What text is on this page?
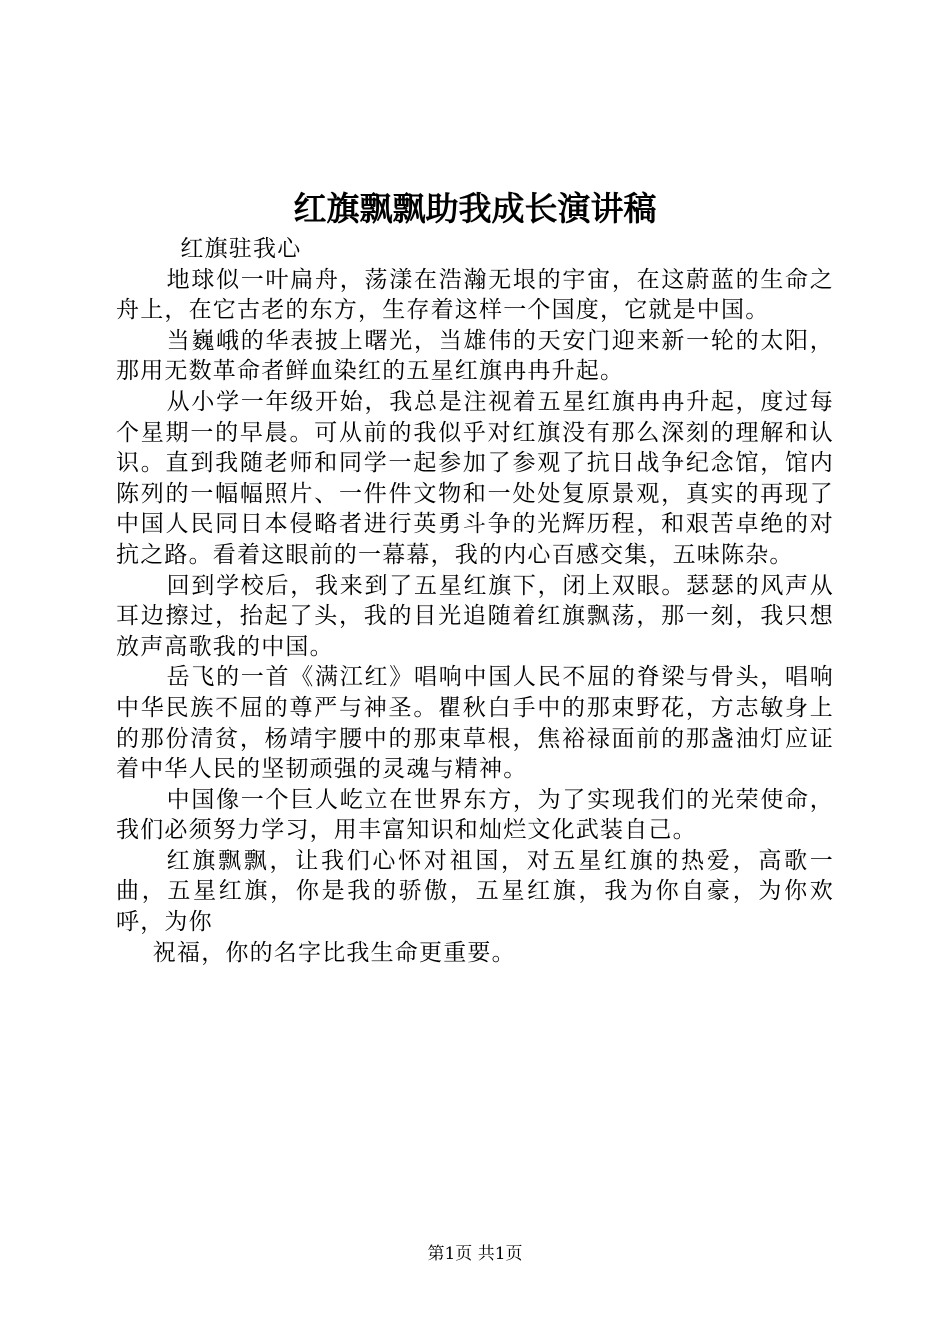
红旗飘飘助我成长演讲稿

红旗驻我心

地球似一叶扁舟，荡漾在浩瀚无垠的宇宙，在这蔚蓝的生命之舟上，在它古老的东方，生存着这样一个国度，它就是中国。

当巍峨的华表披上曙光，当雄伟的天安门迎来新一轮的太阳，那用无数革命者鲜血染红的五星红旗冉冉升起。

从小学一年级开始，我总是注视着五星红旗冉冉升起，度过每个星期一的早晨。可从前的我似乎对红旗没有那么深刻的理解和认识。直到我随老师和同学一起参加了参观了抗日战争纪念馆，馆内陈列的一幅幅照片、一件件文物和一处处复原景观，真实的再现了中国人民同日本侵略者进行英勇斗争的光辉历程，和艰苦卓绝的对抗之路。看着这眼前的一幕幕，我的内心百感交集，五味陈杂。

回到学校后，我来到了五星红旗下，闭上双眼。瑟瑟的风声从耳边擦过，抬起了头，我的目光追随着红旗飘荡，那一刻，我只想放声高歌我的中国。

岳飞的一首《满江红》唱响中国人民不屈的脊梁与骨头，唱响中华民族不屈的尊严与神圣。瞿秋白手中的那束野花，方志敏身上的那份清贫，杨靖宇腰中的那束草根，焦裕禄面前的那盏油灯应证着中华人民的坚韧顽强的灵魂与精神。

中国像一个巨人屹立在世界东方，为了实现我们的光荣使命，我们必须努力学习，用丰富知识和灿烂文化武装自己。

红旗飘飘，让我们心怀对祖国，对五星红旗的热爱，高歌一曲，五星红旗，你是我的骄傲，五星红旗，我为你自豪，为你欢呼，为你

祝福，你的名字比我生命更重要。

第1页 共1页
